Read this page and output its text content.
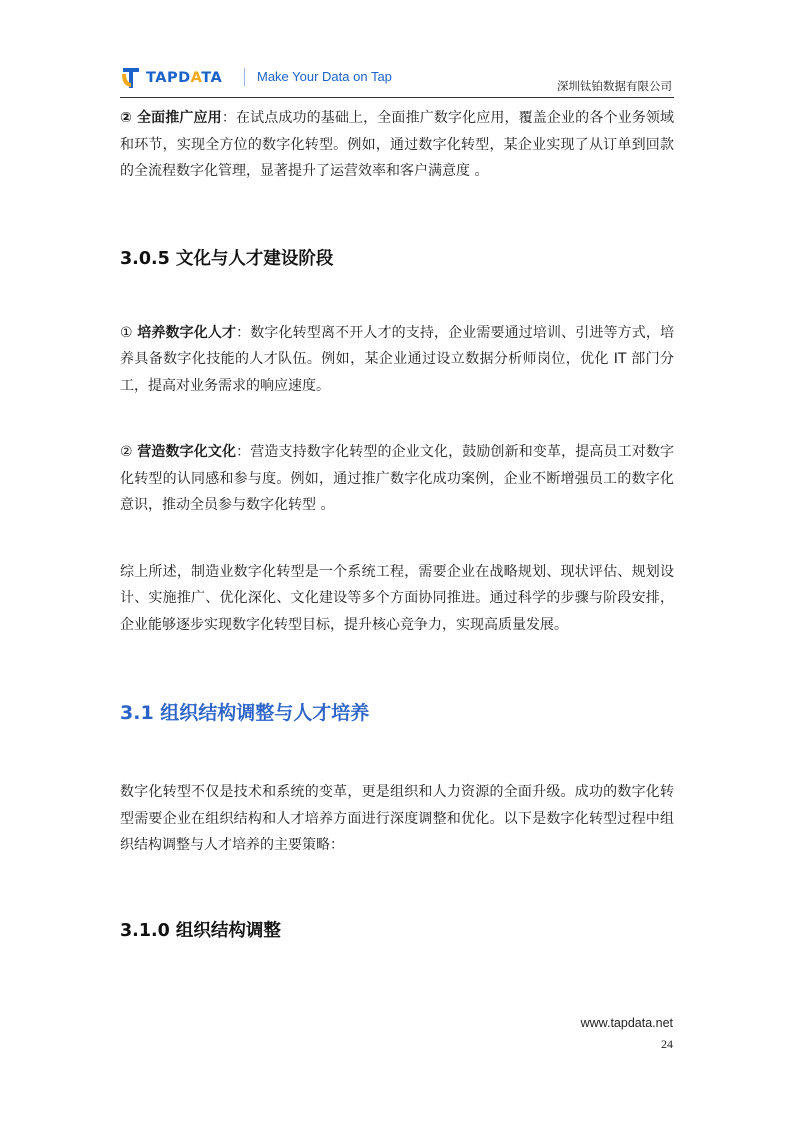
TAPDATA	Make Your Data on Tap
深圳钛铂数据有限公司

② 全面推广应用：在试点成功的基础上，全面推广数字化应用，覆盖企业的各个业务领域和环节，实现全方位的数字化转型。例如，通过数字化转型，某企业实现了从订单到回款的全流程数字化管理，显著提升了运营效率和客户满意度 。

3.0.5 文化与人才建设阶段

① 培养数字化人才：数字化转型离不开人才的支持，企业需要通过培训、引进等方式，培养具备数字化技能的人才队伍。例如，某企业通过设立数据分析师岗位，优化 IT 部门分工，提高对业务需求的响应速度。

② 营造数字化文化：营造支持数字化转型的企业文化，鼓励创新和变革，提高员工对数字化转型的认同感和参与度。例如，通过推广数字化成功案例，企业不断增强员工的数字化意识，推动全员参与数字化转型 。

综上所述，制造业数字化转型是一个系统工程，需要企业在战略规划、现状评估、规划设计、实施推广、优化深化、文化建设等多个方面协同推进。通过科学的步骤与阶段安排，企业能够逐步实现数字化转型目标，提升核心竞争力，实现高质量发展。

3.1 组织结构调整与人才培养

数字化转型不仅是技术和系统的变革，更是组织和人力资源的全面升级。成功的数字化转型需要企业在组织结构和人才培养方面进行深度调整和优化。以下是数字化转型过程中组织结构调整与人才培养的主要策略：

3.1.0 组织结构调整
www.tapdata.net
24
